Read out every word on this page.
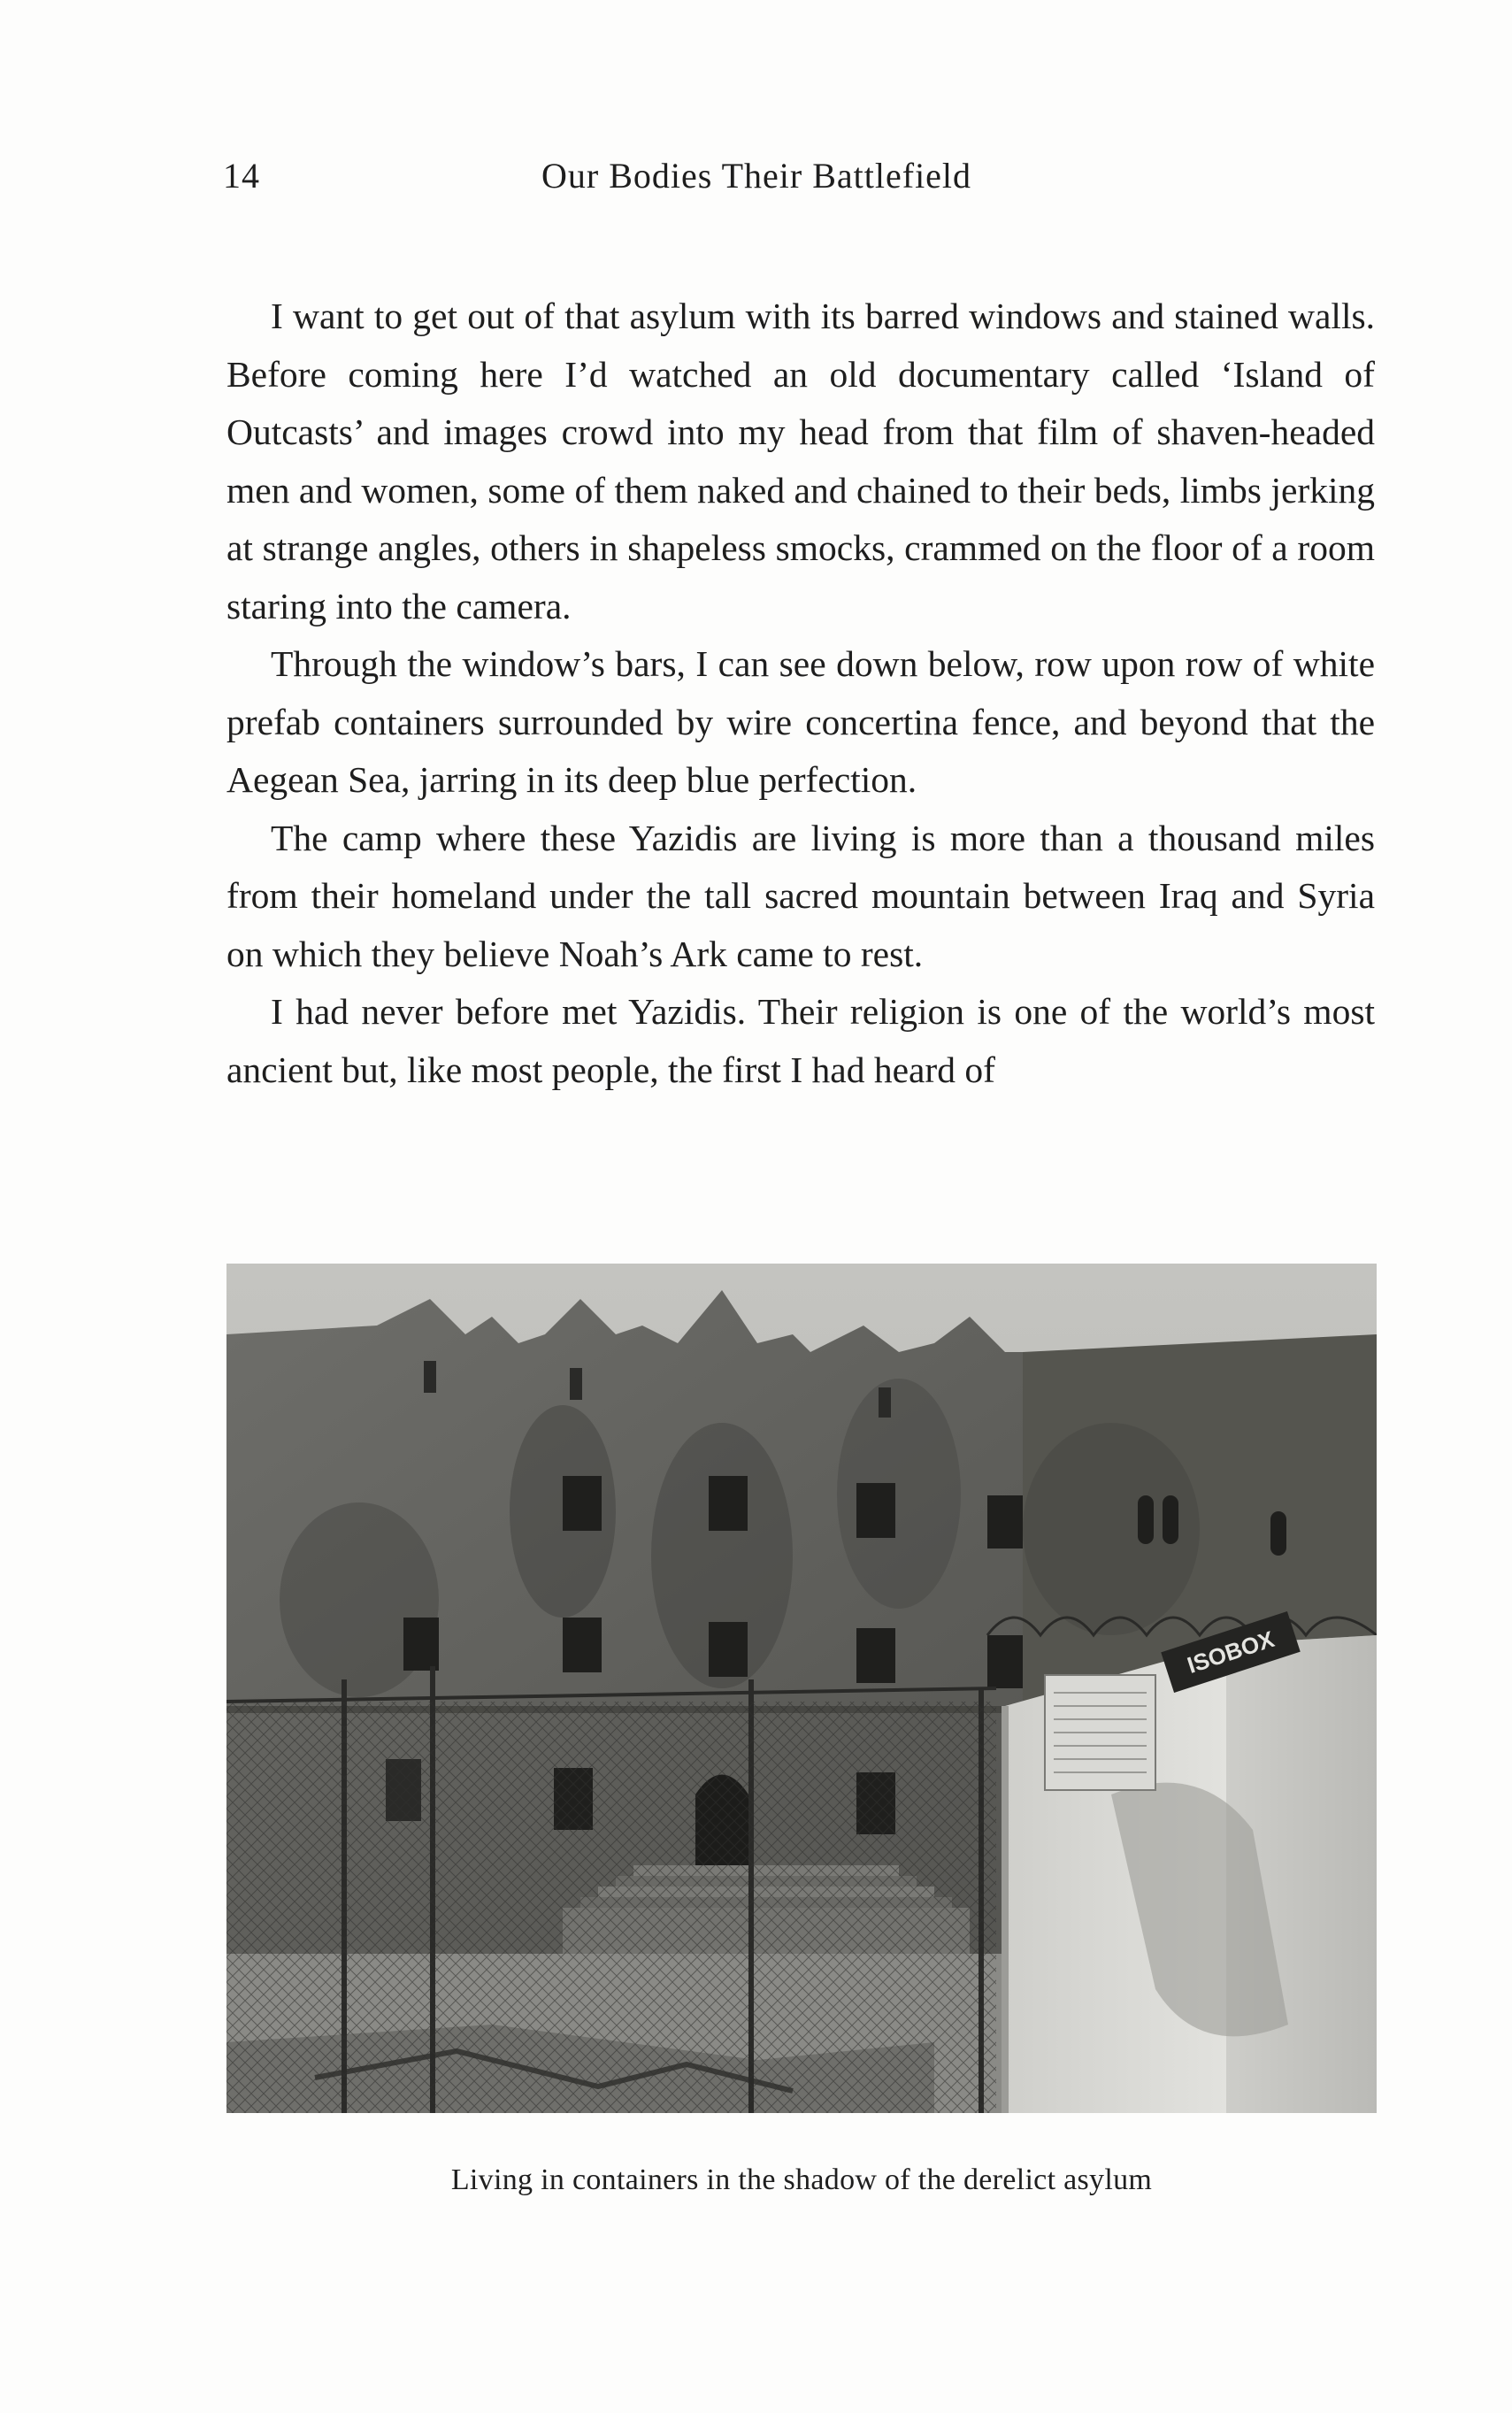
14	Our Bodies Their Battlefield

I want to get out of that asylum with its barred windows and stained walls. Before coming here I’d watched an old documentary called ‘Island of Outcasts’ and images crowd into my head from that film of shaven-headed men and women, some of them naked and chained to their beds, limbs jerking at strange angles, others in shapeless smocks, crammed on the floor of a room staring into the camera.

Through the window’s bars, I can see down below, row upon row of white prefab containers surrounded by wire concertina fence, and beyond that the Aegean Sea, jarring in its deep blue perfection.

The camp where these Yazidis are living is more than a thousand miles from their homeland under the tall sacred mountain between Iraq and Syria on which they believe Noah’s Ark came to rest.

I had never before met Yazidis. Their religion is one of the world’s most ancient but, like most people, the first I had heard of

ISOBOX
Living in containers in the shadow of the derelict asylum
